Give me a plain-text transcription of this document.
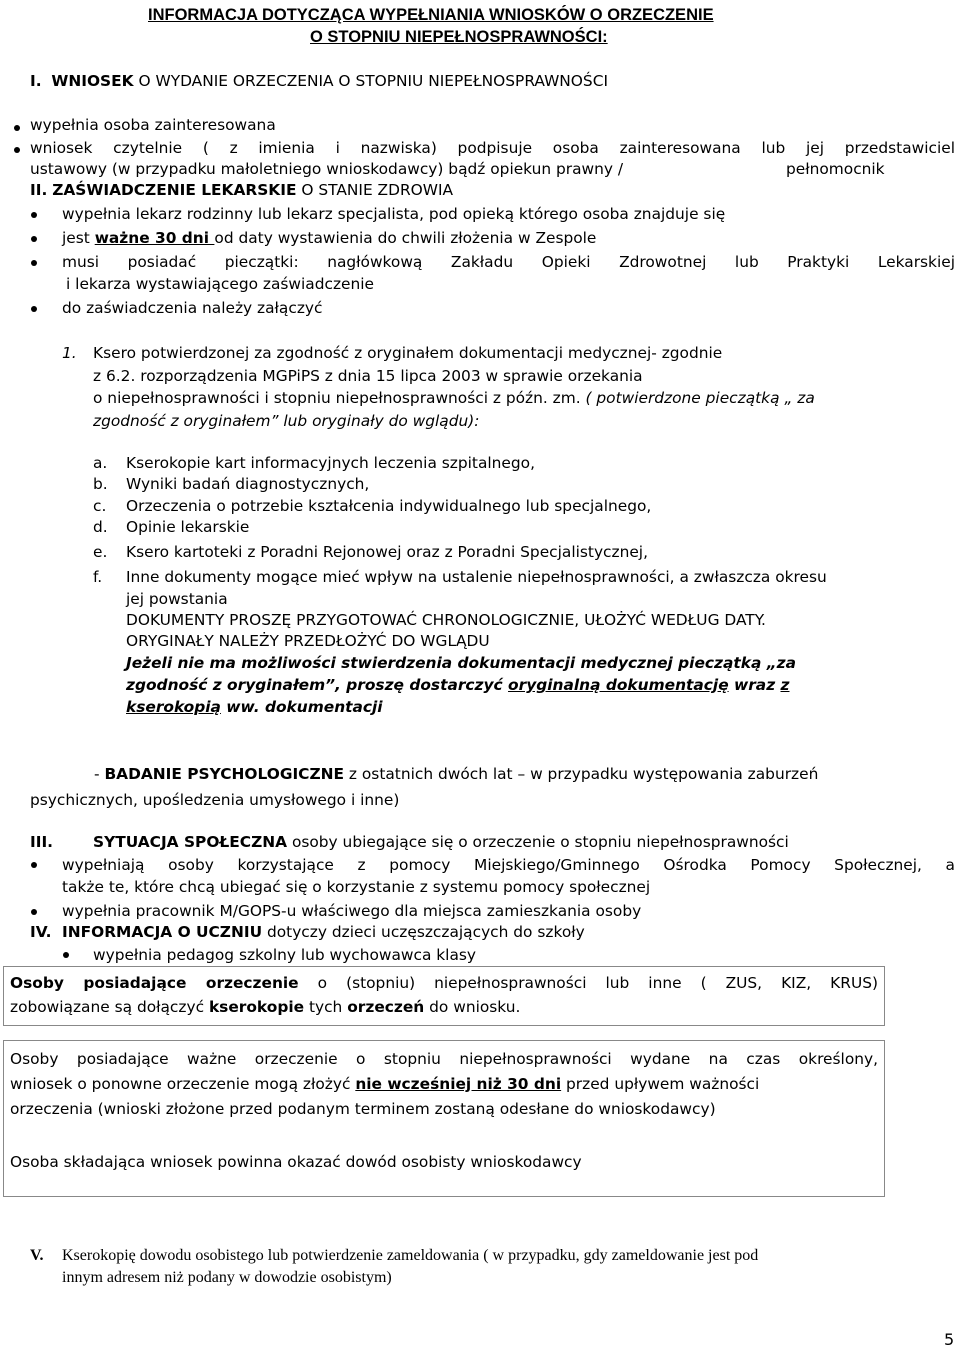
INFORMACJA DOTYCZĄCA WYPEŁNIANIA WNIOSKÓW O ORZECZENIE
O STOPNIU NIEPEŁNOSPRAWNOŚCI:
I. WNIOSEK O WYDANIE ORZECZENIA O STOPNIU NIEPEŁNOSPRAWNOŚCI
wypełnia osoba zainteresowana
wniosek czytelnie ( z imienia i nazwiska) podpisuje osoba zainteresowana lub jej przedstawiciel
ustawowy (w przypadku małoletniego wnioskodawcy) bądź opiekun prawny /	pełnomocnik
II. ZAŚWIADCZENIE LEKARSKIE O STANIE ZDROWIA
wypełnia lekarz rodzinny lub lekarz specjalista, pod opieką którego osoba znajduje się
jest ważne 30 dni od daty wystawienia do chwili złożenia w Zespole
musi posiadać pieczątki: nagłówkową Zakładu Opieki Zdrowotnej lub Praktyki Lekarskiej
i lekarza wystawiającego zaświadczenie
do zaświadczenia należy załączyć
1. Ksero potwierdzonej za zgodność z oryginałem dokumentacji medycznej- zgodnie
z 6.2. rozporządzenia MGPiPS z dnia 15 lipca 2003 w sprawie orzekania
o niepełnosprawności i stopniu niepełnosprawności z późn. zm. ( potwierdzone pieczątką „ za
zgodność z oryginałem” lub oryginały do wglądu):
a. Kserokopie kart informacyjnych leczenia szpitalnego,
b. Wyniki badań diagnostycznych,
c. Orzeczenia o potrzebie kształcenia indywidualnego lub specjalnego,
d. Opinie lekarskie
e. Ksero kartoteki z Poradni Rejonowej oraz z Poradni Specjalistycznej,
f. Inne dokumenty mogące mieć wpływ na ustalenie niepełnosprawności, a zwłaszcza okresu
jej powstania
DOKUMENTY PROSZĘ PRZYGOTOWAĆ CHRONOLOGICZNIE, UŁOŻYĆ WEDŁUG DATY.
ORYGINAŁY NALEŻY PRZEDŁOŻYĆ DO WGLĄDU
Jeżeli nie ma możliwości stwierdzenia dokumentacji medycznej pieczątką „za
zgodność z oryginałem”, proszę dostarczyć oryginalną dokumentację wraz z
kserokopią ww. dokumentacji
- BADANIE PSYCHOLOGICZNE z ostatnich dwóch lat – w przypadku występowania zaburzeń
psychicznych, upośledzenia umysłowego i inne)
III.	SYTUACJA SPOŁECZNA osoby ubiegające się o orzeczenie o stopniu niepełnosprawności
wypełniają osoby korzystające z pomocy Miejskiego/Gminnego Ośrodka Pomocy Społecznej, a
także te, które chcą ubiegać się o korzystanie z systemu pomocy społecznej
wypełnia pracownik M/GOPS-u właściwego dla miejsca zamieszkania osoby
IV. INFORMACJA O UCZNIU dotyczy dzieci uczęszczających do szkoły
wypełnia pedagog szkolny lub wychowawca klasy
Osoby posiadające orzeczenie o (stopniu) niepełnosprawności lub inne ( ZUS, KIZ, KRUS)
zobowiązane są dołączyć kserokopie tych orzeczeń do wniosku.
Osoby posiadające ważne orzeczenie o stopniu niepełnosprawności wydane na czas określony,
wniosek o ponowne orzeczenie mogą złożyć nie wcześniej niż 30 dni przed upływem ważności
orzeczenia (wnioski złożone przed podanym terminem zostaną odesłane do wnioskodawcy)
Osoba składająca wniosek powinna okazać dowód osobisty wnioskodawcy
V. Kserokopię dowodu osobistego lub potwierdzenie zameldowania ( w przypadku, gdy zameldowanie jest pod
innym adresem niż podany w dowodzie osobistym)
5
